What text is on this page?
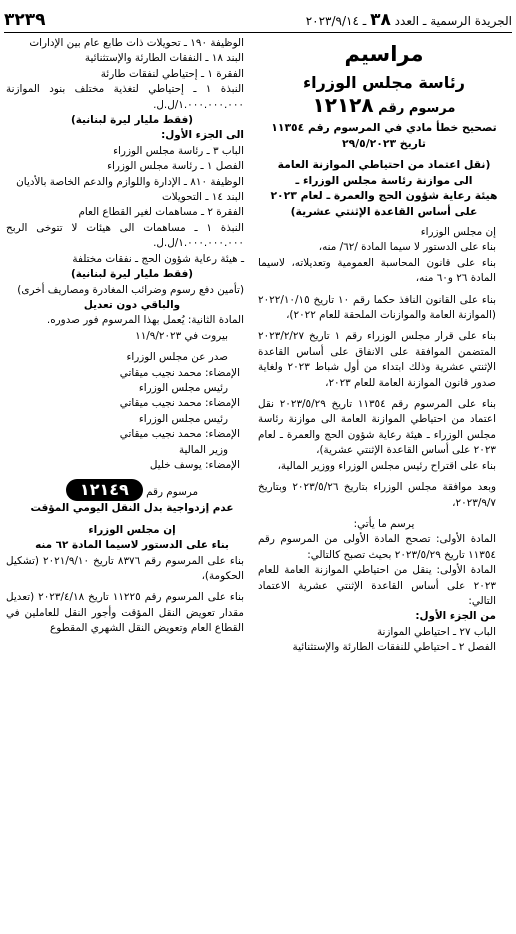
الجريدة الرسمية ـ العدد ٣٨ ـ ٢٠٢٣/٩/١٤
٣٢٣٩
مراسيم
رئاسة مجلس الوزراء
مرسوم رقم ١٢١٢٨

تصحيح خطأ مادي في المرسوم رقم ١١٣٥٤

تاريخ ٢٩/٥/٢٠٢٣

(نقل اعتماد من احتياطي الموازنة العامة

الى موازنة رئاسة مجلس الوزراء ـ

هيئة رعاية شؤون الحج والعمرة ـ لعام ٢٠٢٣

على أساس القاعدة الإثنتي عشرية)

إن مجلس الوزراء

بناء على الدستور لا سيما المادة /٦٢/ منه،

بناء على قانون المحاسبة العمومية وتعديلاته، لاسيما المادة ٢٦ و٦٠ منه،

بناء على القانون النافذ حكما رقم ١٠ تاريخ ٢٠٢٢/١٠/١٥ (الموازنة العامة والموازنات الملحقة للعام ٢٠٢٢)،

بناء على قرار مجلس الوزراء رقم ١ تاريخ ٢٠٢٣/٢/٢٧ المتضمن الموافقة على الانفاق على أساس القاعدة الإثنتي عشرية وذلك ابتداء من أول شباط ٢٠٢٣ ولغاية صدور قانون الموازنة العامة للعام ٢٠٢٣،

بناء على المرسوم رقم ١١٣٥٤ تاريخ ٢٠٢٣/٥/٢٩ نقل اعتماد من احتياطي الموازنة العامة الى موازنة رئاسة مجلس الوزراء ـ هيئة رعاية شؤون الحج والعمرة ـ لعام ٢٠٢٣ على أساس القاعدة الإثنتي عشرية)،

بناء على اقتراح رئيس مجلس الوزراء ووزير المالية،

وبعد موافقة مجلس الوزراء بتاريخ ٢٠٢٣/٥/٢٦ وبتاريخ ٢٠٢٣/٩/٧،

يرسم ما يأتي:

المادة الأولى: تصحح المادة الأولى من المرسوم رقم ١١٣٥٤ تاريخ ٢٠٢٣/٥/٢٩ بحيث تصبح كالتالي:

المادة الأولى: ينقل من احتياطي الموازنة العامة للعام ٢٠٢٣ على أساس القاعدة الإثنتي عشرية الاعتماد التالي:

من الجزء الأول:

الباب ٢٧ ـ احتياطي الموازنة

الفصل ٢ ـ احتياطي للنفقات الطارئة والإستثنائية

الوظيفة ١٩٠ ـ تحويلات ذات طابع عام بين الإدارات

البند ١٨ ـ النفقات الطارئة والإستثنائية

الفقرة ١ ـ إحتياطي لنفقات طارئة

النبذة ١ ـ إحتياطي لتغذية مختلف بنود الموازنة ١.٠٠٠.٠٠٠.٠٠٠/ل.ل.

(فقط مليار ليرة لبنانية)

الى الجزء الأول:

الباب ٣ ـ رئاسة مجلس الوزراء

الفصل ١ ـ رئاسة مجلس الوزراء

الوظيفة ٨١٠ ـ الإدارة واللوازم والدعم الخاصة بالأديان

البند ١٤ ـ التحويلات

الفقرة ٢ ـ مساهمات لغير القطاع العام

النبذة ١ ـ مساهمات الى هيئات لا تتوخى الربح ١.٠٠٠.٠٠٠.٠٠٠/ل.ل.

ـ هيئة رعاية شؤون الحج ـ نفقات مختلفة

(فقط مليار ليرة لبنانية)

(تأمين دفع رسوم وضرائب المغادرة ومصاريف أخرى)

والباقي دون تعديل

المادة الثانية: يُعمل بهذا المرسوم فور صدوره.

بيروت في ١١/٩/٢٠٢٣

صدر عن مجلس الوزراء

الإمضاء: محمد نجيب ميقاتي

رئيس مجلس الوزراء

الإمضاء: محمد نجيب ميقاتي

رئيس مجلس الوزراء

الإمضاء: محمد نجيب ميقاتي

وزير المالية

الإمضاء: يوسف خليل

مرسوم رقم ١٢١٤٩

عدم إزدواجية بدل النقل اليومي المؤقت

إن مجلس الوزراء

بناء على الدستور لاسيما المادة ٦٢ منه

بناء على المرسوم رقم ٨٣٧٦ تاريخ ٢٠٢١/٩/١٠ (تشكيل الحكومة)،

بناء على المرسوم رقم ١١٢٢٥ تاريخ ٢٠٢٣/٤/١٨ (تعديل مقدار تعويض النقل المؤقت وأجور النقل للعاملين في القطاع العام وتعويض النقل الشهري المقطوع
